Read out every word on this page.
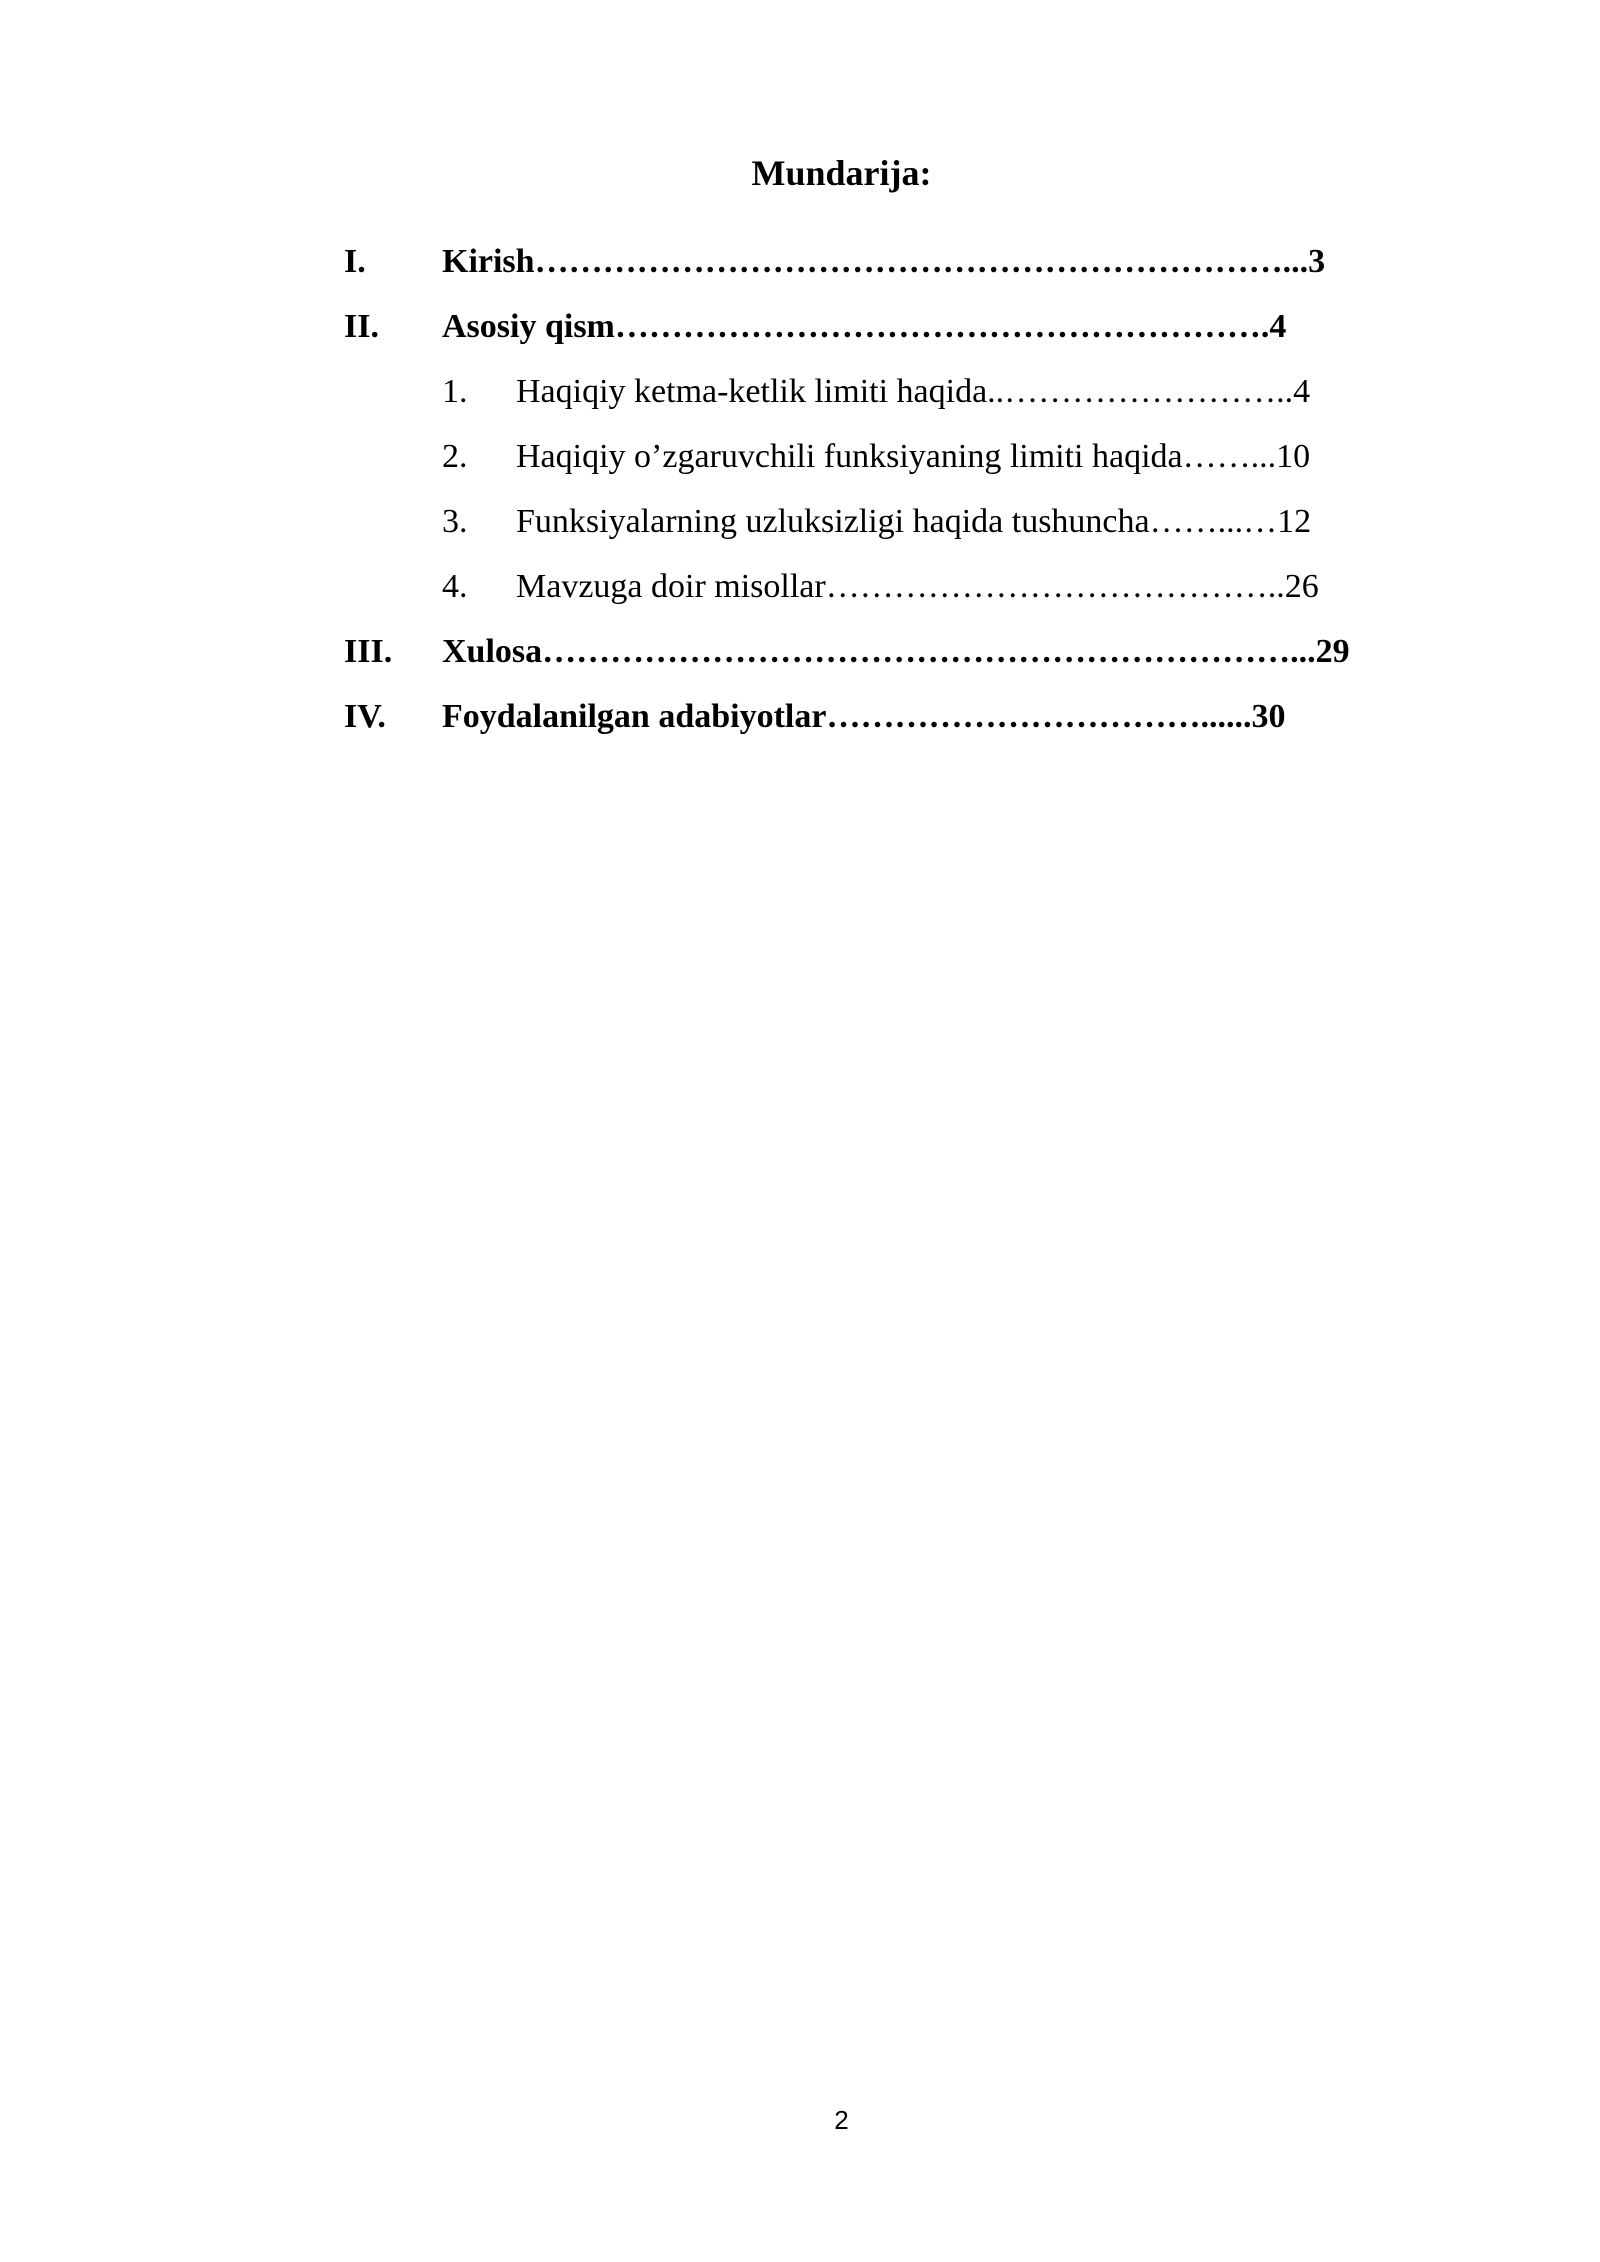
Mundarija:
I. Kirish…………………………………………………………...3
II. Asosiy qism………………………………………………….4
1. Haqiqiy ketma-ketlik limiti haqida..……………………..4
2. Haqiqiy o’zgaruvchili funksiyaning limiti haqida……...10
3. Funksiyalarning uzluksizligi haqida tushuncha……...…12
4. Mavzuga doir misollar…………………………………..26
III. Xulosa…………………………………………………………...29
IV. Foydalanilgan adabiyotlar……………………………......30
2
